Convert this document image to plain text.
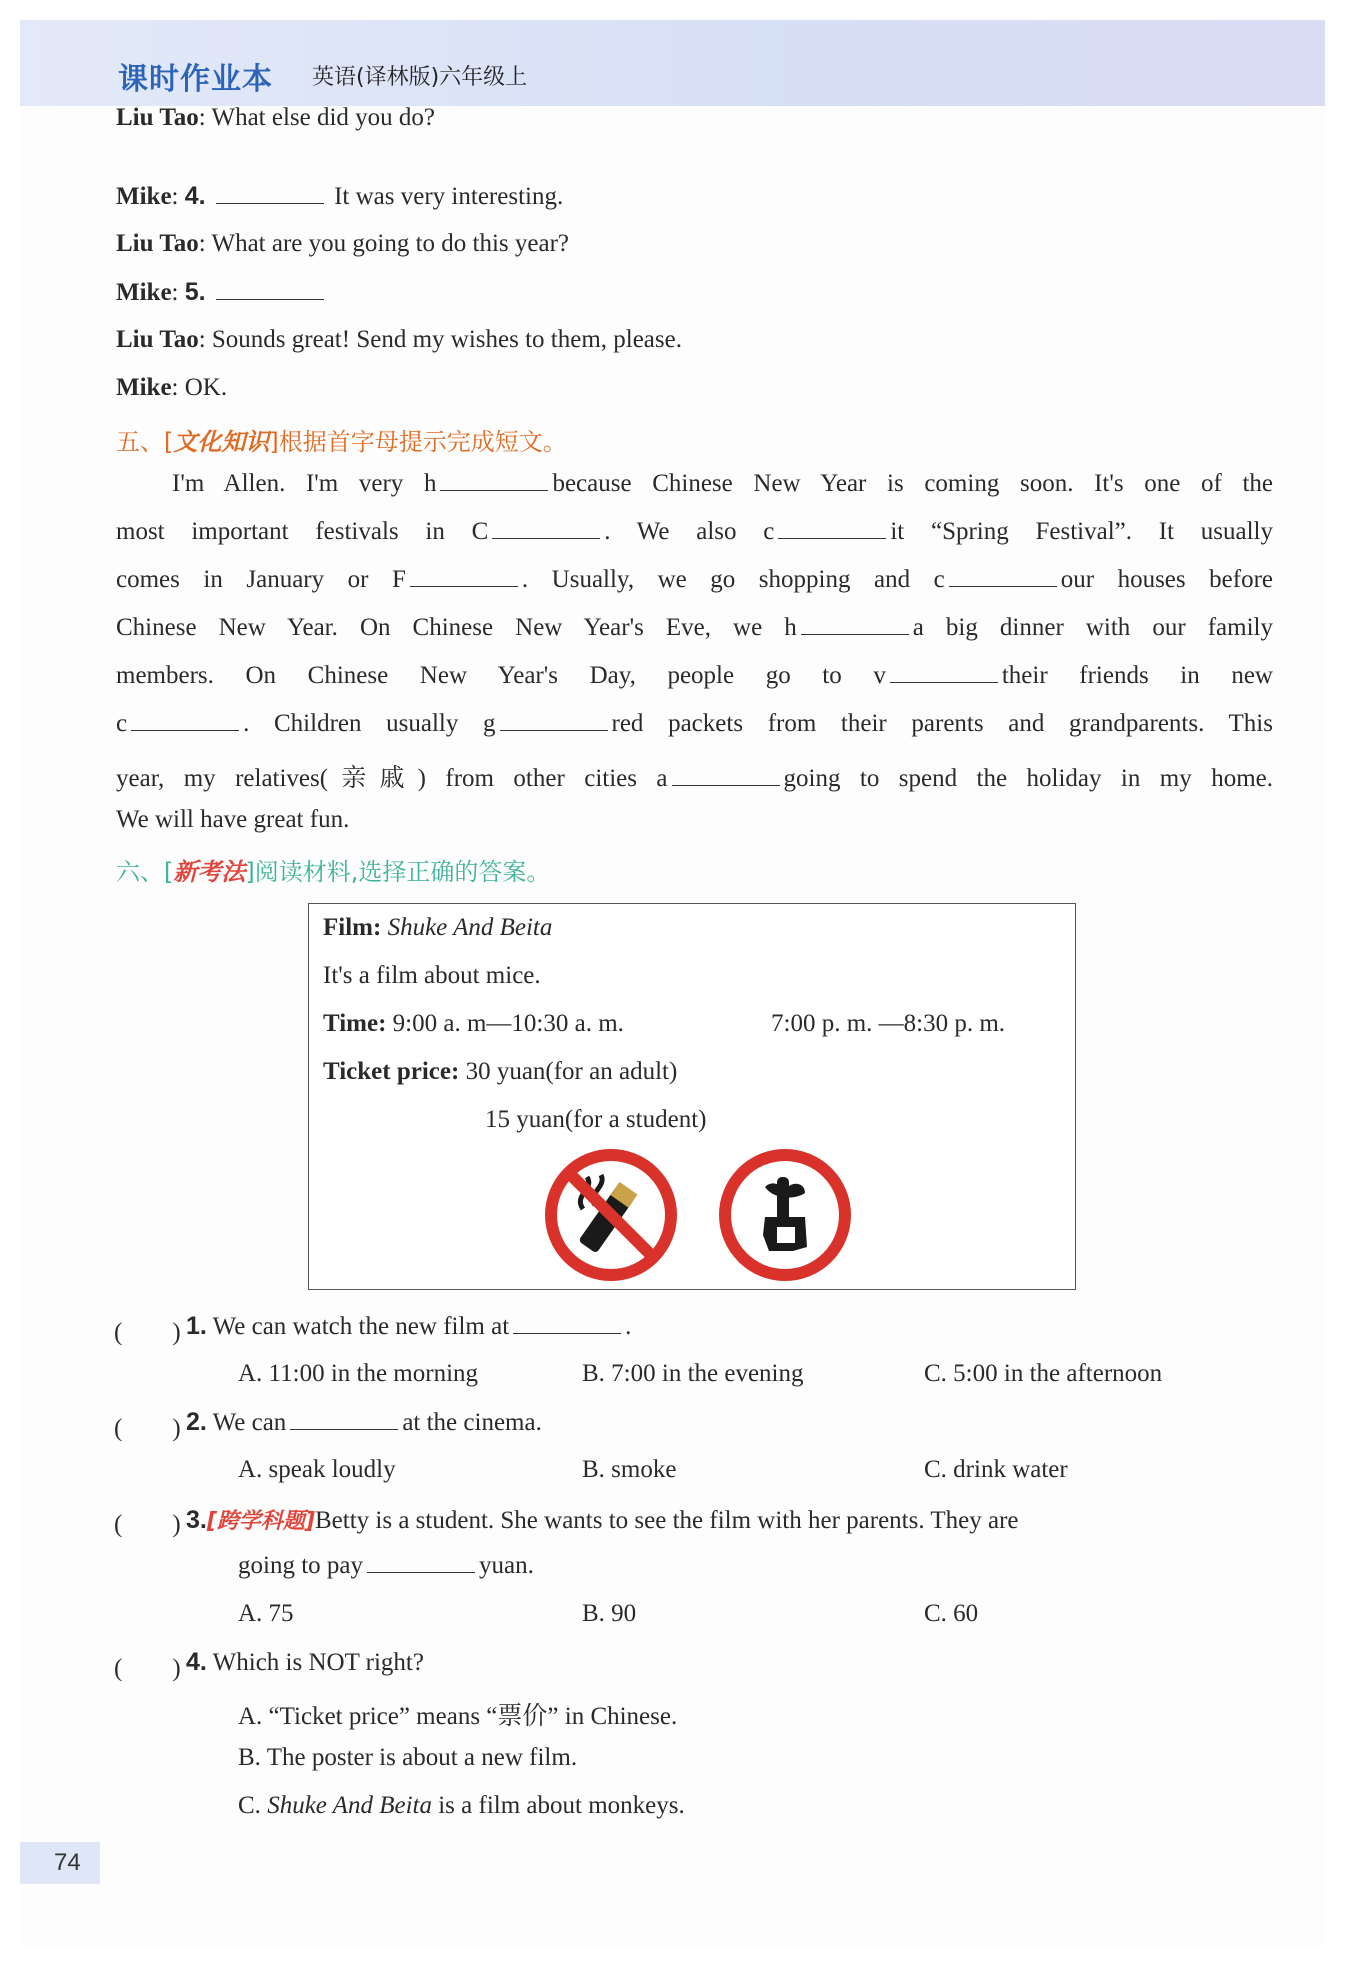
课时作业本 英语(译林版)六年级上
Liu Tao: What else did you do?
Mike: 4.	It was very interesting.
Liu Tao: What are you going to do this year?
Mike: 5.
Liu Tao: Sounds great! Send my wishes to them, please.
Mike: OK.
五、[文化知识]根据首字母提示完成短文。
I'm Allen. I'm very h	because Chinese New Year is coming soon. It's one of the
most important festivals in C	. We also c	it “Spring Festival”. It usually
comes in January or F	. Usually, we go shopping and c	our houses before
Chinese New Year. On Chinese New Year's Eve, we h	a big dinner with our family
members. On Chinese New Year's Day, people go to v	their friends in new
c	. Children usually g	red packets from their parents and grandparents. This
year, my relatives(亲戚) from other cities a	going to spend the holiday in my home.
We will have great fun.
六、[新考法]阅读材料,选择正确的答案。
Film: Shuke And Beita
It's a film about mice.
Time: 9:00 a. m—10:30 a. m.	7:00 p. m. —8:30 p. m.
Ticket price: 30 yuan(for an adult)
15 yuan(for a student)
(　　) 1. We can watch the new film at	.
A. 11:00 in the morning	B. 7:00 in the evening	C. 5:00 in the afternoon
(　　) 2. We can	at the cinema.
A. speak loudly	B. smoke	C. drink water
(　　) 3.[跨学科题]Betty is a student. She wants to see the film with her parents. They are
going to pay	yuan.
A. 75	B. 90	C. 60
(　　) 4. Which is NOT right?
A. “Ticket price” means “票价” in Chinese.
B. The poster is about a new film.
C. Shuke And Beita is a film about monkeys.
74
